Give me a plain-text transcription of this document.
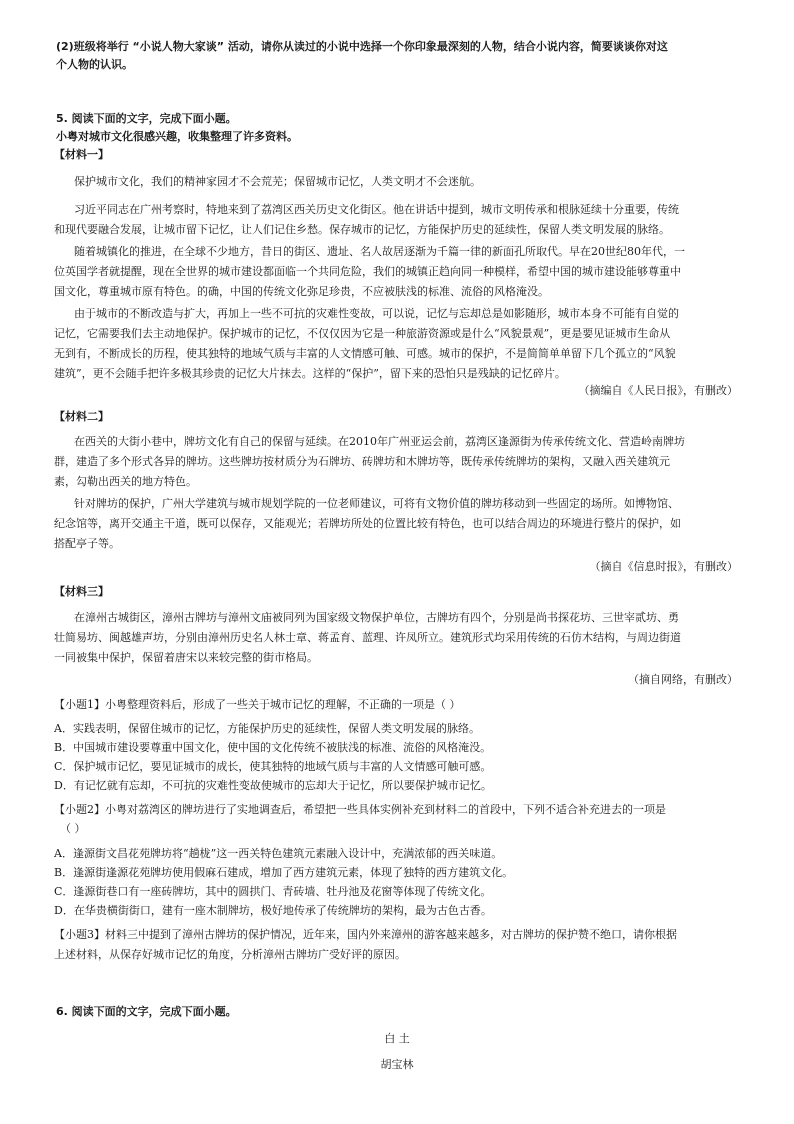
(2)班级将举行 “小说人物大家谈” 活动，请你从读过的小说中选择一个你印象最深刻的人物，结合小说内容，简要谈谈你对这
个人物的认识。
5. 阅读下面的文字，完成下面小题。
小粤对城市文化很感兴趣，收集整理了许多资料。
【材料一】
保护城市文化，我们的精神家园才不会荒芜；保留城市记忆，人类文明才不会迷航。
习近平同志在广州考察时，特地来到了荔湾区西关历史文化街区。他在讲话中提到，城市文明传承和根脉延续十分重要，传统
和现代要融合发展，让城市留下记忆，让人们记住乡愁。保存城市的记忆，方能保护历史的延续性，保留人类文明发展的脉络。
随着城镇化的推进，在全球不少地方，昔日的街区、遗址、名人故居逐渐为千篇一律的新面孔所取代。早在20世纪80年代，一
位英国学者就提醒，现在全世界的城市建设都面临一个共同危险，我们的城镇正趋向同一种模样，希望中国的城市建设能够尊重中
国文化，尊重城市原有特色。的确，中国的传统文化弥足珍贵，不应被肤浅的标准、流俗的风格淹没。
由于城市的不断改造与扩大，再加上一些不可抗的灾难性变故，可以说，记忆与忘却总是如影随形，城市本身不可能有自觉的
记忆，它需要我们去主动地保护。保护城市的记忆，不仅仅因为它是一种旅游资源或是什么“风貌景观”，更是要见证城市生命从
无到有，不断成长的历程，使其独特的地域气质与丰富的人文情感可触、可感。城市的保护，不是简简单单留下几个孤立的“风貌
建筑”，更不会随手把许多极其珍贵的记忆大片抹去。这样的“保护”，留下来的恐怕只是残缺的记忆碎片。
（摘编自《人民日报》，有删改）
【材料二】
在西关的大街小巷中，牌坊文化有自己的保留与延续。在2010年广州亚运会前，荔湾区逢源街为传承传统文化、营造岭南牌坊
群，建造了多个形式各异的牌坊。这些牌坊按材质分为石牌坊、砖牌坊和木牌坊等，既传承传统牌坊的架构，又融入西关建筑元
素，勾勒出西关的地方特色。
针对牌坊的保护，广州大学建筑与城市规划学院的一位老师建议，可将有文物价值的牌坊移动到一些固定的场所。如博物馆、
纪念馆等，离开交通主干道，既可以保存，又能观光；若牌坊所处的位置比较有特色，也可以结合周边的环境进行整片的保护，如
搭配亭子等。
（摘自《信息时报》，有删改）
【材料三】
在漳州古城街区，漳州古牌坊与漳州文庙被同列为国家级文物保护单位，古牌坊有四个，分别是尚书探花坊、三世宰贰坊、勇
壮简易坊、闽越雄声坊，分别由漳州历史名人林士章、蒋孟育、蓝理、许凤所立。建筑形式均采用传统的石仿木结构，与周边街道
一同被集中保护，保留着唐宋以来较完整的街市格局。
（摘自网络，有删改）
【小题1】小粤整理资料后，形成了一些关于城市记忆的理解，不正确的一项是（ ）
A．实践表明，保留住城市的记忆，方能保护历史的延续性，保留人类文明发展的脉络。
B．中国城市建设要尊重中国文化，使中国的文化传统不被肤浅的标准、流俗的风格淹没。
C．保护城市记忆，要见证城市的成长，使其独特的地域气质与丰富的人文情感可触可感。
D．有记忆就有忘却，不可抗的灾难性变故使城市的忘却大于记忆，所以要保护城市记忆。
【小题2】小粤对荔湾区的牌坊进行了实地调查后，希望把一些具体实例补充到材料二的首段中，下列不适合补充进去的一项是
（ ）
A．逢源街文昌花苑牌坊将“趟栊”这一西关特色建筑元素融入设计中，充满浓郁的西关味道。
B．逢源街逢源花苑牌坊使用假麻石建成，增加了西方建筑元素，体现了独特的西方建筑文化。
C．逢源街巷口有一座砖牌坊，其中的圆拱门、青砖墙、牡丹池及花窗等体现了传统文化。
D．在华贵横街街口，建有一座木制牌坊，极好地传承了传统牌坊的架构，最为古色古香。
【小题3】材料三中提到了漳州古牌坊的保护情况，近年来，国内外来漳州的游客越来越多，对古牌坊的保护赞不绝口，请你根据
上述材料，从保存好城市记忆的角度，分析漳州古牌坊广受好评的原因。
6. 阅读下面的文字，完成下面小题。
白 土
胡宝林
